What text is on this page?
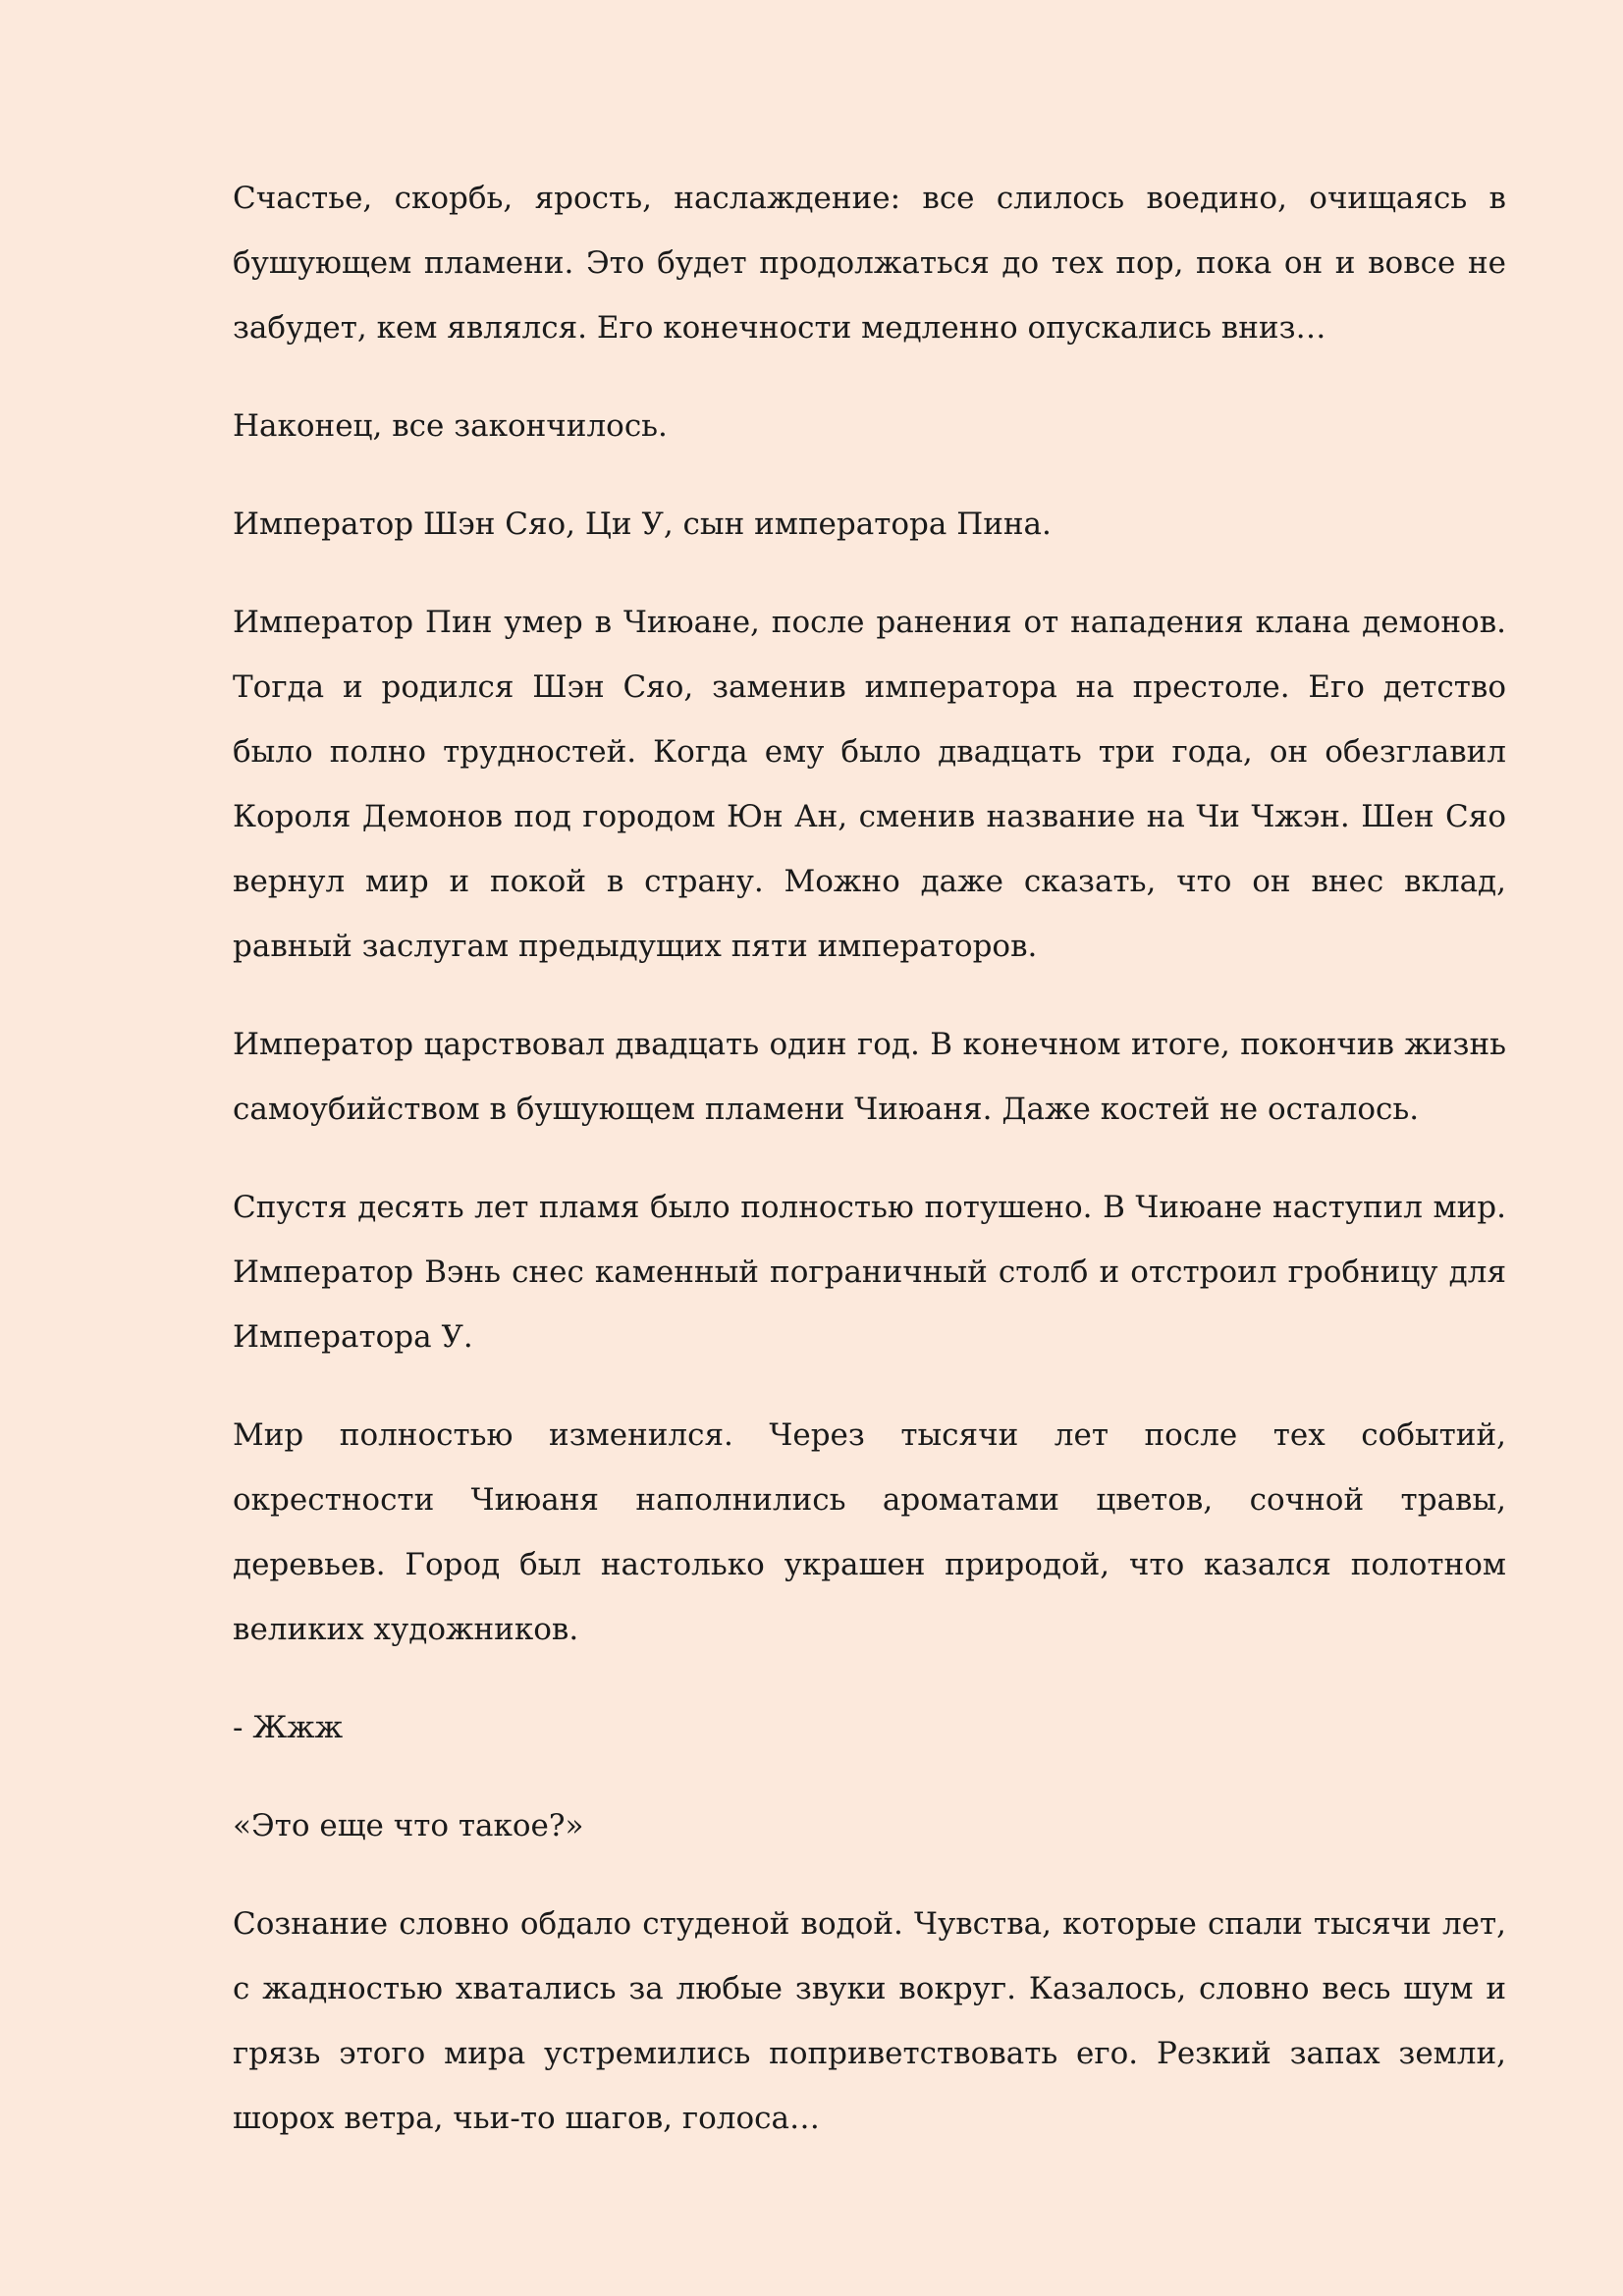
Счастье, скорбь, ярость, наслаждение: все слилось воедино, очищаясь в бушующем пламени. Это будет продолжаться до тех пор, пока он и вовсе не забудет, кем являлся. Его конечности медленно опускались вниз…

Наконец, все закончилось.

Император Шэн Сяо, Ци У, сын императора Пина.

Император Пин умер в Чиюане, после ранения от нападения клана демонов. Тогда и родился Шэн Сяо, заменив императора на престоле. Его детство было полно трудностей. Когда ему было двадцать три года, он обезглавил Короля Демонов под городом Юн Ан, сменив название на Чи Чжэн. Шен Сяо вернул мир и покой в страну. Можно даже сказать, что он внес вклад, равный заслугам предыдущих пяти императоров.

Император царствовал двадцать один год. В конечном итоге, покончив жизнь самоубийством в бушующем пламени Чиюаня. Даже костей не осталось.

Спустя десять лет пламя было полностью потушено. В Чиюане наступил мир. Император Вэнь снес каменный пограничный столб и отстроил гробницу для Императора У.

Мир полностью изменился. Через тысячи лет после тех событий, окрестности Чиюаня наполнились ароматами цветов, сочной травы, деревьев. Город был настолько украшен природой, что казался полотном великих художников.

- Жжж

«Это еще что такое?»

Сознание словно обдало студеной водой. Чувства, которые спали тысячи лет, с жадностью хватались за любые звуки вокруг. Казалось, словно весь шум и грязь этого мира устремились поприветствовать его. Резкий запах земли, шорох ветра, чьи-то шагов, голоса…
